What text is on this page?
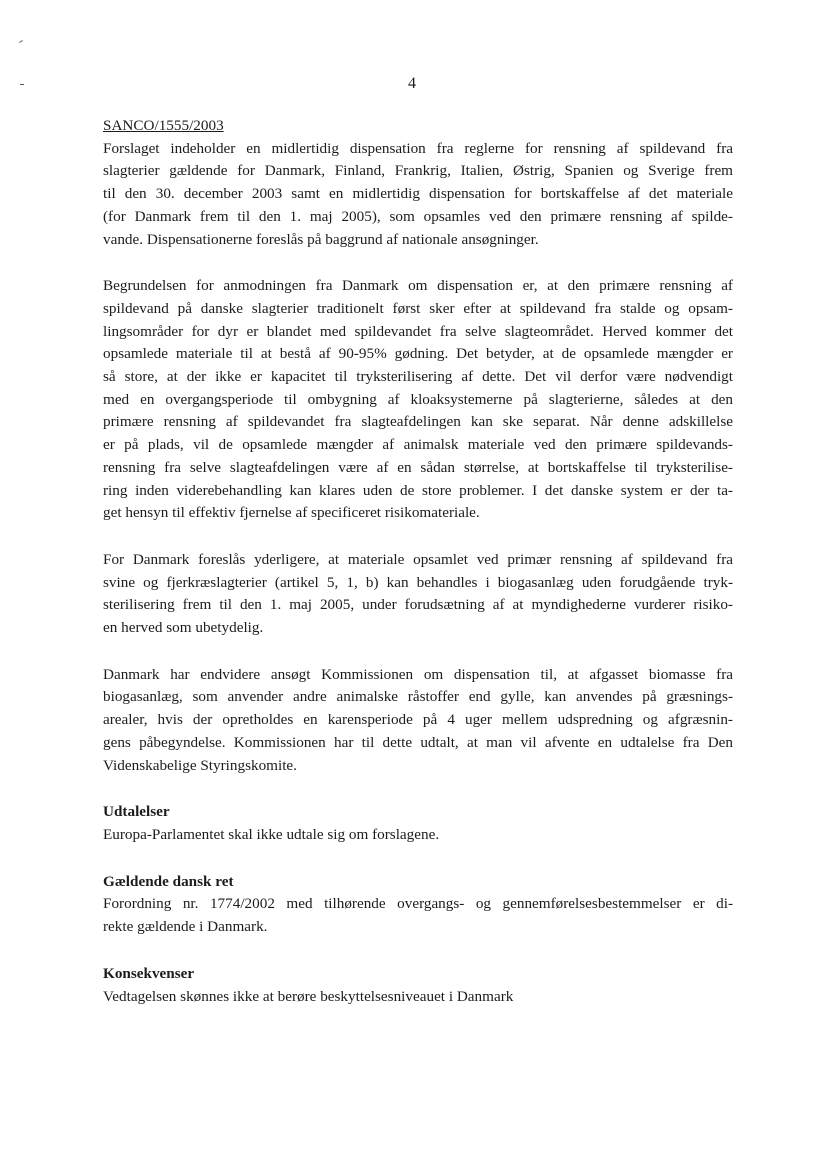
4
SANCO/1555/2003
Forslaget indeholder en midlertidig dispensation fra reglerne for rensning af spildevand fra
slagterier gældende for Danmark, Finland, Frankrig, Italien, Østrig, Spanien og Sverige frem
til den 30. december 2003 samt en midlertidig dispensation for bortskaffelse af det materiale
(for Danmark frem til den 1. maj 2005), som opsamles ved den primære rensning af spilde-
vande. Dispensationerne foreslås på baggrund af nationale ansøgninger.
Begrundelsen for anmodningen fra Danmark om dispensation er, at den primære rensning af
spildevand på danske slagterier traditionelt først sker efter at spildevand fra stalde og opsam-
lingsområder for dyr er blandet med spildevandet fra selve slagteområdet. Herved kommer det
opsamlede materiale til at bestå af 90-95% gødning. Det betyder, at de opsamlede mængder er
så store, at der ikke er kapacitet til tryksterilisering af dette. Det vil derfor være nødvendigt
med en overgangsperiode til ombygning af kloaksystemerne på slagterierne, således at den
primære rensning af spildevandet fra slagteafdelingen kan ske separat. Når denne adskillelse
er på plads, vil de opsamlede mængder af animalsk materiale ved den primære spildevands-
rensning fra selve slagteafdelingen være af en sådan størrelse, at bortskaffelse til tryksterilise-
ring inden viderebehandling kan klares uden de store problemer. I det danske system er der ta-
get hensyn til effektiv fjernelse af specificeret risikomateriale.
For Danmark foreslås yderligere, at materiale opsamlet ved primær rensning af spildevand fra
svine og fjerkræslagterier (artikel 5, 1, b) kan behandles i biogasanlæg uden forudgående tryk-
sterilisering frem til den 1. maj 2005, under forudsætning af at myndighederne vurderer risiko-
en herved som ubetydelig.
Danmark har endvidere ansøgt Kommissionen om dispensation til, at afgasset biomasse fra
biogasanlæg, som anvender andre animalske råstoffer end gylle, kan anvendes på græsnings-
arealer, hvis der opretholdes en karensperiode på 4 uger mellem udspredning og afgræsnin-
gens påbegyndelse. Kommissionen har til dette udtalt, at man vil afvente en udtalelse fra Den
Videnskabelige Styringskomite.
Udtalelser
Europa-Parlamentet skal ikke udtale sig om forslagene.
Gældende dansk ret
Forordning nr. 1774/2002 med tilhørende overgangs- og gennemførelsesbestemmelser er di-
rekte gældende i Danmark.
Konsekvenser
Vedtagelsen skønnes ikke at berøre beskyttelsesniveauet i Danmark
